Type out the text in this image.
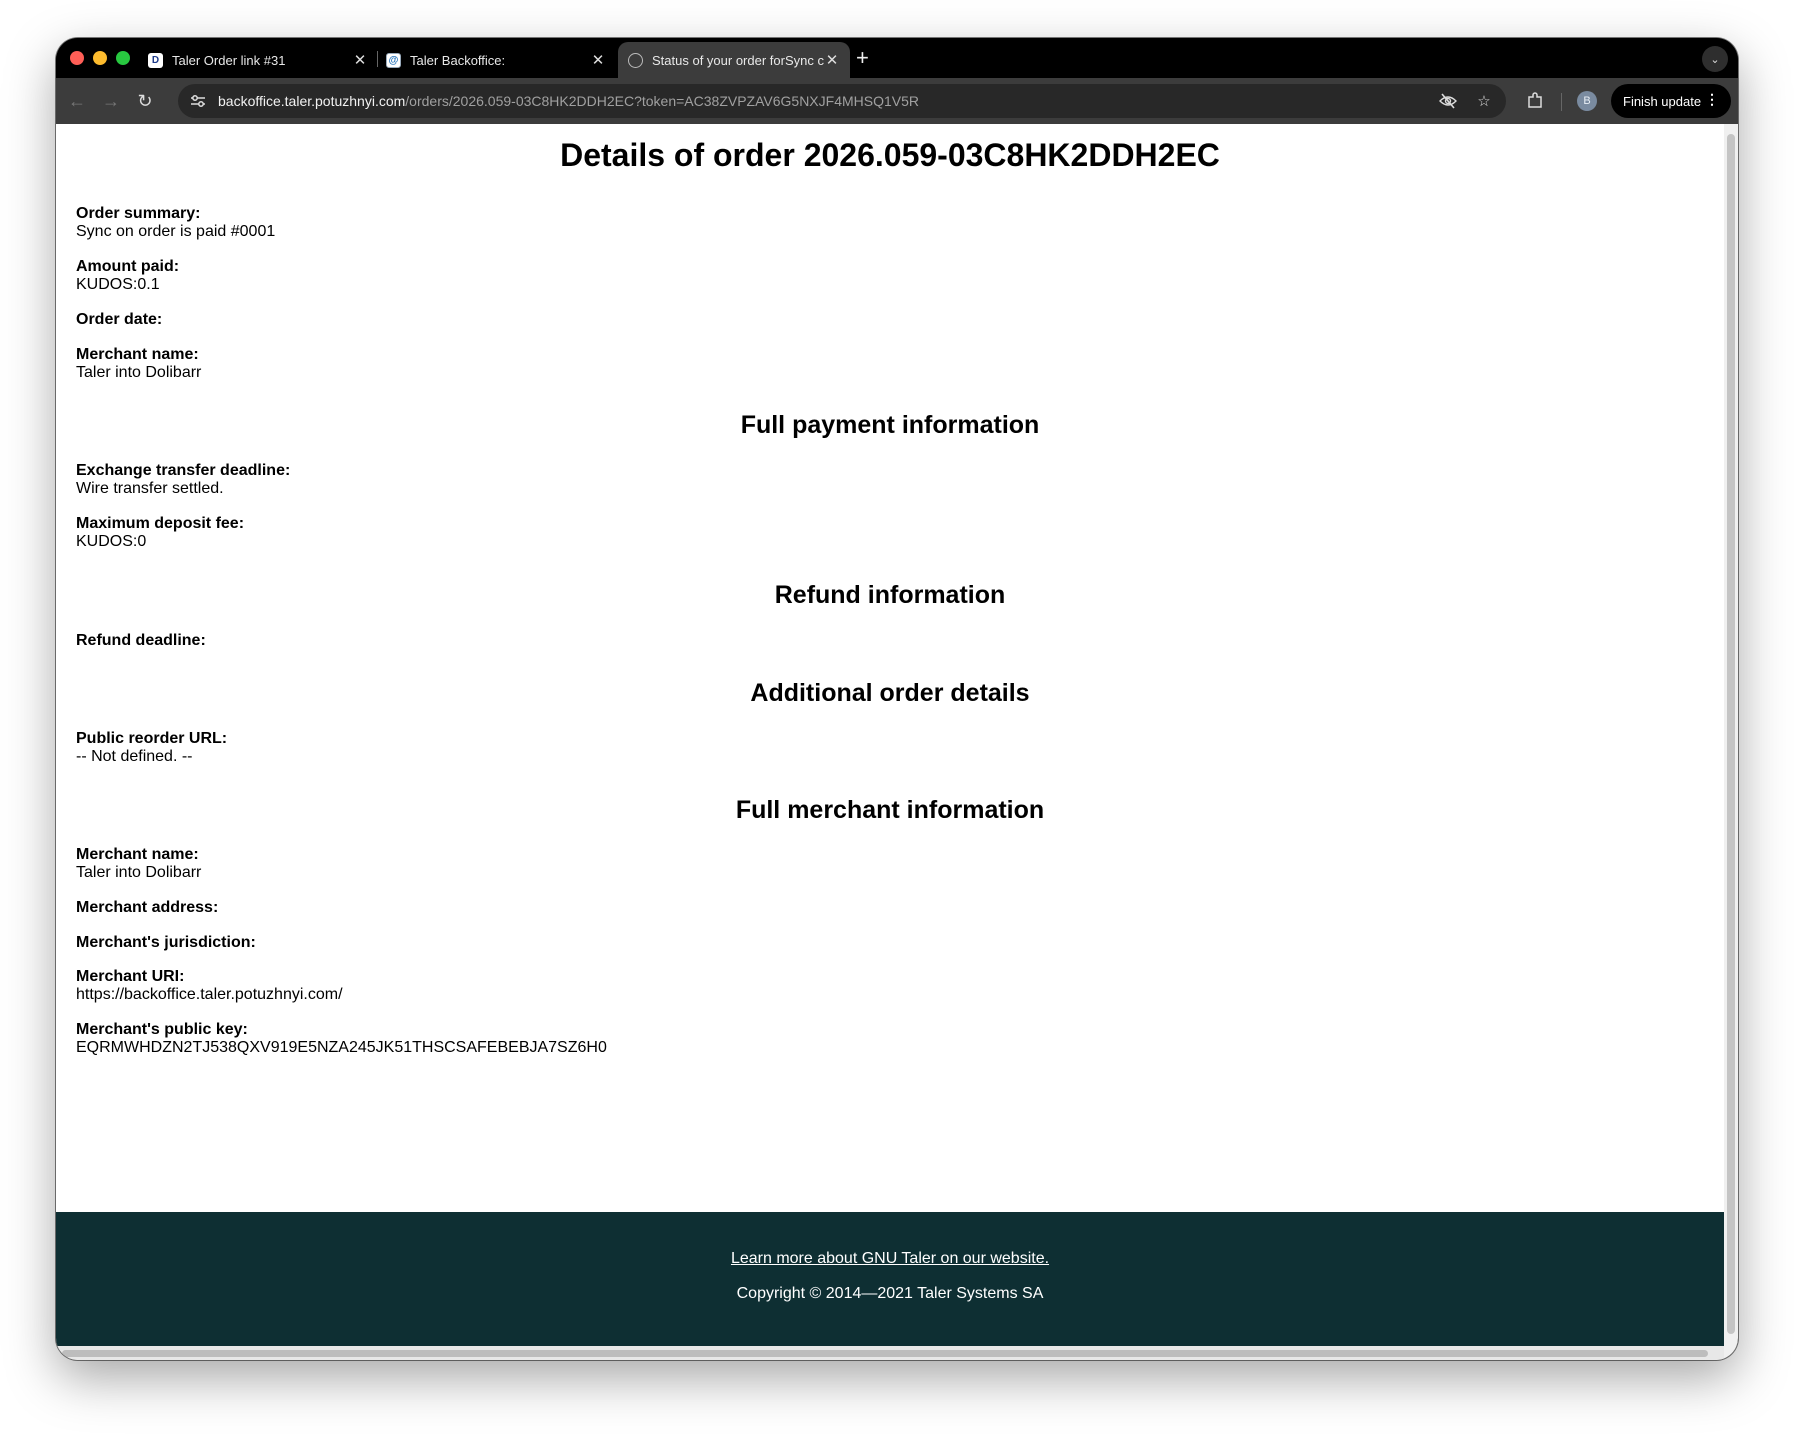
D Taler Order link #31	✕ @ Taler Backoffice:	✕	Status of your order forSync c ✕ +	⌄
← → ↻	backoffice.taler.potuzhnyi.com/orders/2026.059-03C8HK2DDH2EC?token=AC38ZVPZAV6G5NXJF4MHSQ1V5R	☆	B	Finish update ⋮
Details of order 2026.059-03C8HK2DDH2EC
Order summary:
Sync on order is paid #0001
Amount paid:
KUDOS:0.1
Order date:
Merchant name:
Taler into Dolibarr
Full payment information
Exchange transfer deadline:
Wire transfer settled.
Maximum deposit fee:
KUDOS:0
Refund information
Refund deadline:
Additional order details
Public reorder URL:
-- Not defined. --
Full merchant information
Merchant name:
Taler into Dolibarr
Merchant address:
Merchant's jurisdiction:
Merchant URI:
https://backoffice.taler.potuzhnyi.com/
Merchant's public key:
EQRMWHDZN2TJ538QXV919E5NZA245JK51THSCSAFEBEBJA7SZ6H0
Learn more about GNU Taler on our website.
Copyright © 2014—2021 Taler Systems SA
